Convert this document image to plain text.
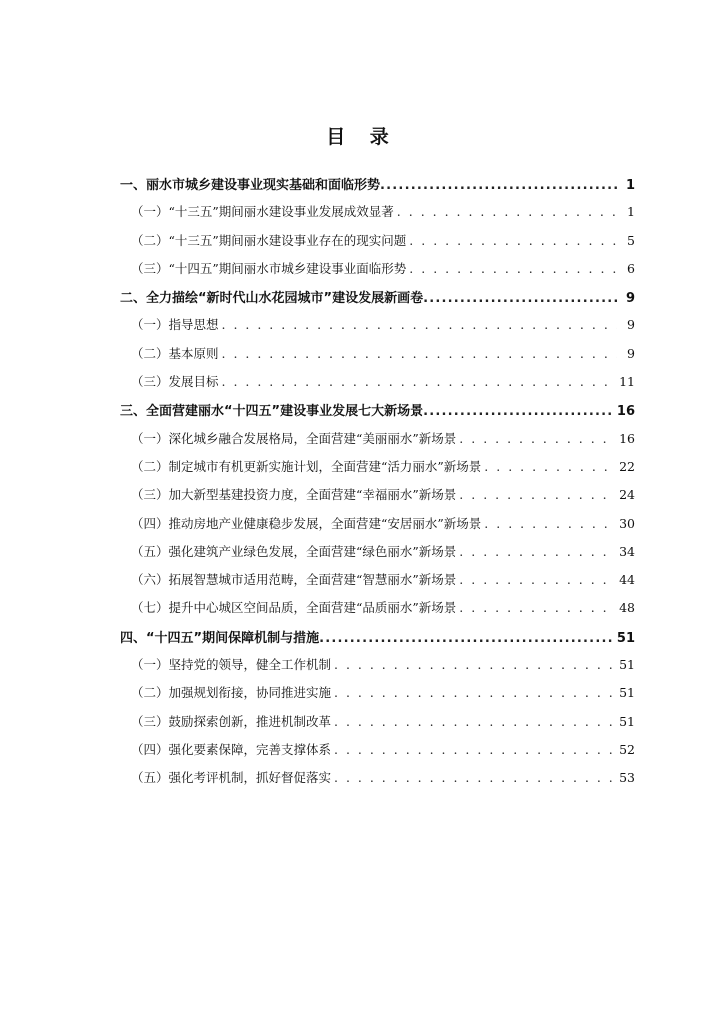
目 录
一、丽水市城乡建设事业现实基础和面临形势 .....	1
（一）“十三五”期间丽水建设事业发展成效显著 . . .	1
（二）“十三五”期间丽水建设事业存在的现实问题 . . .	5
（三）“十四五”期间丽水市城乡建设事业面临形势 . . .	6
二、全力描绘“新时代山水花园城市”建设发展新画卷 .....	9
（一）指导思想 . . .	9
（二）基本原则 . . .	9
（三）发展目标 . . .	11
三、全面营建丽水“十四五”建设事业发展七大新场景 .....	16
（一）深化城乡融合发展格局，全面营建“美丽丽水”新场景 . . .	16
（二）制定城市有机更新实施计划，全面营建“活力丽水”新场景 . . .	22
（三）加大新型基建投资力度，全面营建“幸福丽水”新场景 . . .	24
（四）推动房地产业健康稳步发展，全面营建“安居丽水”新场景 . . .	30
（五）强化建筑产业绿色发展，全面营建“绿色丽水”新场景 . . .	34
（六）拓展智慧城市适用范畴，全面营建“智慧丽水”新场景 . . .	44
（七）提升中心城区空间品质，全面营建“品质丽水”新场景 . . .	48
四、“十四五”期间保障机制与措施 .....	51
（一）坚持党的领导，健全工作机制 . . .	51
（二）加强规划衔接，协同推进实施 . . .	51
（三）鼓励探索创新，推进机制改革 . . .	51
（四）强化要素保障，完善支撑体系 . . .	52
（五）强化考评机制，抓好督促落实 . . .	53
